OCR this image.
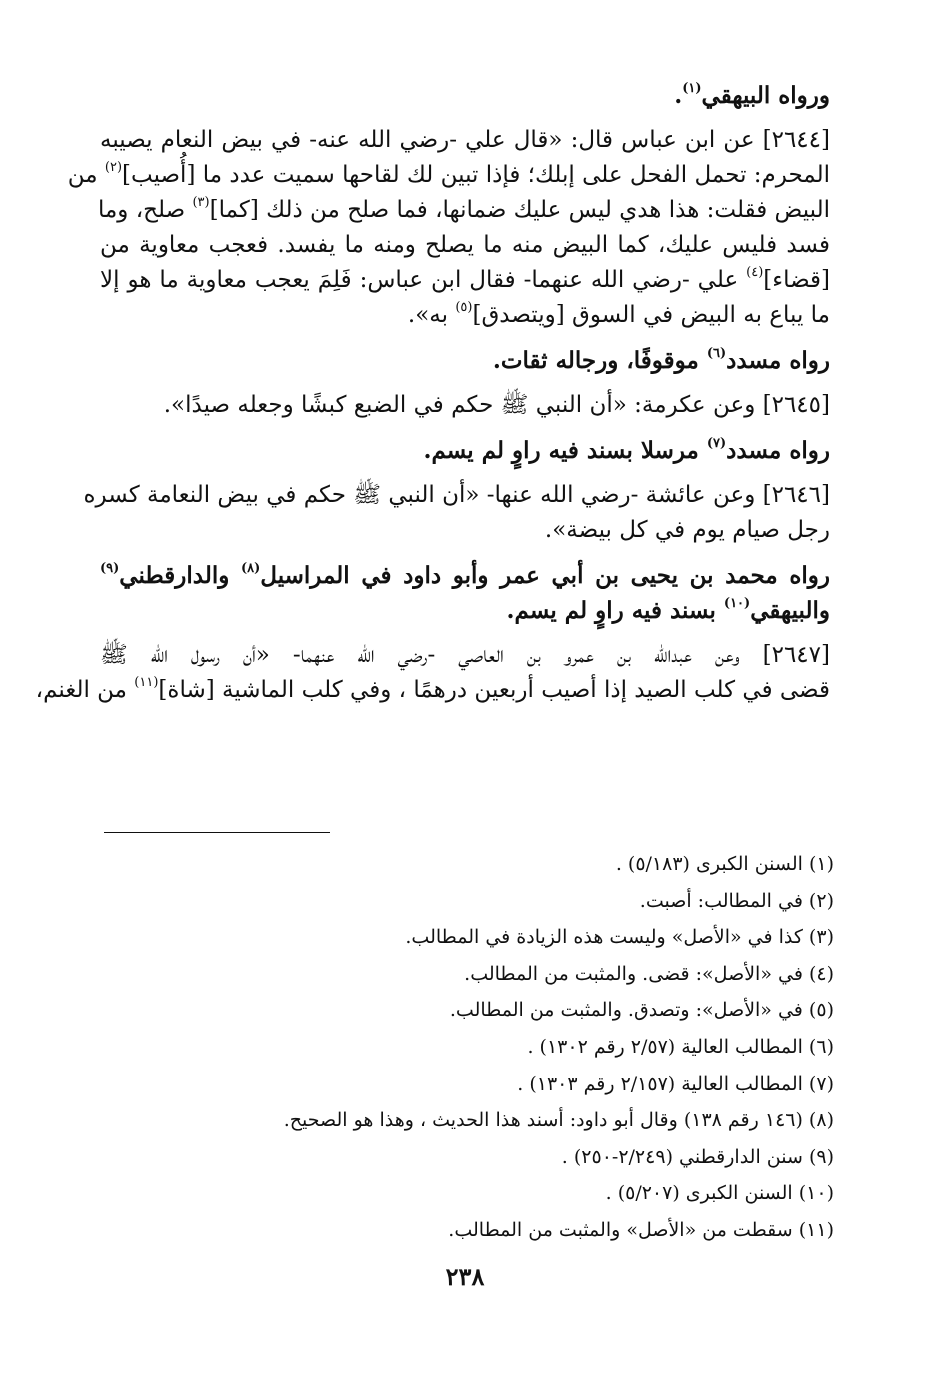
ورواه البيهقي$^{(١)}$.
[٢٦٤٤] عن ابن عباس قال: «قال علي -رضي الله عنه- في بيض النعام يصيبه
المحرم: تحمل الفحل على إبلك؛ فإذا تبين لك لقاحها سميت عدد ما [أُصيب]$^{(٢)}$ من
البيض فقلت: هذا هدي ليس عليك ضمانها، فما صلح من ذلك [كما]$^{(٣)}$ صلح، وما
فسد فليس عليك، كما البيض منه ما يصلح ومنه ما يفسد. فعجب معاوية من
[قضاء]$^{(٤)}$ علي -رضي الله عنهما- فقال ابن عباس: فَلِمَ يعجب معاوية ما هو إلا
ما يباع به البيض في السوق [ويتصدق]$^{(٥)}$ به».
رواه مسدد$^{(٦)}$ موقوفًا، ورجاله ثقات.
[٢٦٤٥] وعن عكرمة: «أن النبي ﷺ حكم في الضبع كبشًا وجعله صيدًا».
رواه مسدد$^{(٧)}$ مرسلا بسند فيه راوٍ لم يسم.
[٢٦٤٦] وعن عائشة -رضي الله عنها- «أن النبي ﷺ حكم في بيض النعامة كسره
رجل صيام يوم في كل بيضة».
رواه محمد بن يحيى بن أبي عمر وأبو داود في المراسيل$^{(٨)}$ والدارقطني$^{(٩)}$
والبيهقي$^{(١٠)}$ بسند فيه راوٍ لم يسم.
[٢٦٤٧] وعن عبدالله بن عمرو بن العاصي -رضي الله عنهما- «أن رسول الله ﷺ
قضى في كلب الصيد إذا أصيب أربعين درهمًا ، وفي كلب الماشية [شاة]$^{(١١)}$ من الغنم،
(١) السنن الكبرى (٥/١٨٣) .
(٢) في المطالب: أصبت.
(٣) كذا في «الأصل» وليست هذه الزيادة في المطالب.
(٤) في «الأصل»: قضى. والمثبت من المطالب.
(٥) في «الأصل»: وتصدق. والمثبت من المطالب.
(٦) المطالب العالية (٢/٥٧ رقم ١٣٠٢) .
(٧) المطالب العالية (٢/١٥٧ رقم ١٣٠٣) .
(٨) (١٤٦ رقم ١٣٨) وقال أبو داود: أسند هذا الحديث ، وهذا هو الصحيح.
(٩) سنن الدارقطني (٢/٢٤٩-٢٥٠) .
(١٠) السنن الكبرى (٥/٢٠٧) .
(١١) سقطت من «الأصل» والمثبت من المطالب.
٢٣٨
